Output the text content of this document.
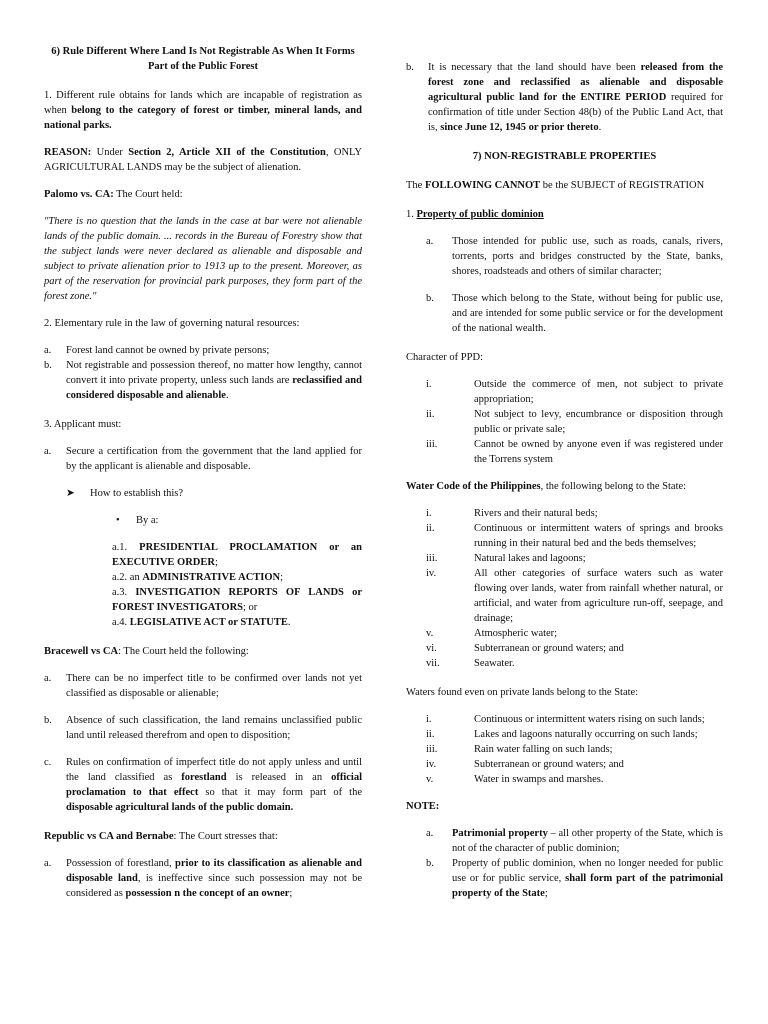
6) Rule Different Where Land Is Not Registrable As When It Forms Part of the Public Forest

1. Different rule obtains for lands which are incapable of registration as when belong to the category of forest or timber, mineral lands, and national parks.

REASON: Under Section 2, Article XII of the Constitution, ONLY AGRICULTURAL LANDS may be the subject of alienation.

Palomo vs. CA: The Court held:

"There is no question that the lands in the case at bar were not alienable lands of the public domain. ... records in the Bureau of Forestry show that the subject lands were never declared as alienable and disposable and subject to private alienation prior to 1913 up to the present. Moreover, as part of the reservation for provincial park purposes, they form part of the forest zone."

2. Elementary rule in the law of governing natural resources:

a. Forest land cannot be owned by private persons;
b. Not registrable and possession thereof, no matter how lengthy, cannot convert it into private property, unless such lands are reclassified and considered disposable and alienable.

3. Applicant must:

a. Secure a certification from the government that the land applied for by the applicant is alienable and disposable.
➤ How to establish this?
• By a:

a.1. PRESIDENTIAL PROCLAMATION or an EXECUTIVE ORDER;

a.2. an ADMINISTRATIVE ACTION;

a.3. INVESTIGATION REPORTS OF LANDS or FOREST INVESTIGATORS; or

a.4. LEGISLATIVE ACT or STATUTE.

Bracewell vs CA: The Court held the following:

a. There can be no imperfect title to be confirmed over lands not yet classified as disposable or alienable;
b. Absence of such classification, the land remains unclassified public land until released therefrom and open to disposition;
c. Rules on confirmation of imperfect title do not apply unless and until the land classified as forestland is released in an official proclamation to that effect so that it may form part of the disposable agricultural lands of the public domain.

Republic vs CA and Bernabe: The Court stresses that:

a. Possession of forestland, prior to its classification as alienable and disposable land, is ineffective since such possession may not be considered as possession n the concept of an owner;
b. It is necessary that the land should have been released from the forest zone and reclassified as alienable and disposable agricultural public land for the ENTIRE PERIOD required for confirmation of title under Section 48(b) of the Public Land Act, that is, since June 12, 1945 or prior thereto.

7) NON-REGISTRABLE PROPERTIES

The FOLLOWING CANNOT be the SUBJECT of REGISTRATION

1. Property of public dominion

a. Those intended for public use, such as roads, canals, rivers, torrents, ports and bridges constructed by the State, banks, shores, roadsteads and others of similar character;
b. Those which belong to the State, without being for public use, and are intended for some public service or for the development of the national wealth.

Character of PPD:

i.	Outside the commerce of men, not subject to private appropriation;
ii.	Not subject to levy, encumbrance or disposition through public or private sale;
iii.	Cannot be owned by anyone even if was registered under the Torrens system

Water Code of the Philippines, the following belong to the State:

i.	Rivers and their natural beds;
ii.	Continuous or intermittent waters of springs and brooks running in their natural bed and the beds themselves;
iii.	Natural lakes and lagoons;
iv.	All other categories of surface waters such as water flowing over lands, water from rainfall whether natural, or artificial, and water from agriculture run-off, seepage, and drainage;
v.	Atmospheric water;
vi.	Subterranean or ground waters; and
vii.	Seawater.

Waters found even on private lands belong to the State:

i.	Continuous or intermittent waters rising on such lands;
ii.	Lakes and lagoons naturally occurring on such lands;
iii.	Rain water falling on such lands;
iv.	Subterranean or ground waters; and
v.	Water in swamps and marshes.

NOTE:

a. Patrimonial property – all other property of the State, which is not of the character of public dominion;
b. Property of public dominion, when no longer needed for public use or for public service, shall form part of the patrimonial property of the State;
